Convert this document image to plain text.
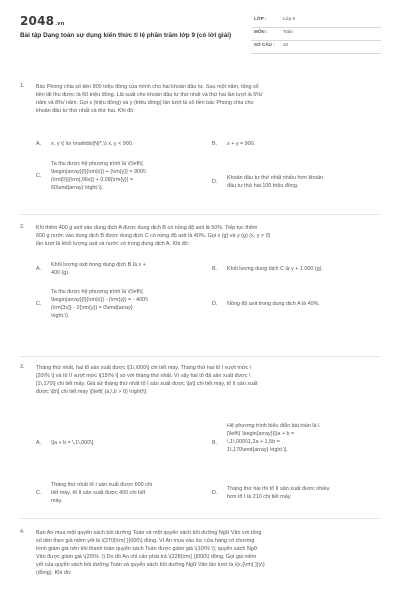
2048.vn
Bài tập Dạng toán sự dụng kiến thức tỉ lệ phần trăm lớp 9 (có lời giải)
LỚP :	Lớp 9
MÔN :	Toán
SỐ CÂU : 10
1. Bác Phong chia số tiền 900 triệu đồng của mình cho hai khoản đầu tư. Sau một năm, tổng số
tiền lãi thu được là 60 triệu đồng. Lãi suất cho khoản đầu tư thứ nhất và thứ hai lần lượt là 6%/
năm và 8%/ năm. Gọi x (triệu đồng) và y (triệu đồng) lần lượt là số tiền bác Phong chia cho
khoản đầu tư thứ nhất và thứ hai. Khi đó:
A. x, y \( \in \mathbb{N}*,\) x, y < 900.	B. x + y = 900.
C.
Ta thu được hệ phương trình là \(\left\{
\begin{array}{l}{\rm{x}} + {\rm{y}} = 900\\
{\rm{0}}{\rm{,06x}} + 0,08{\rm{y}} =
60\end{array} \right.\).
D.
Khoản đầu tư thứ nhất nhiều hơn khoản
đầu tư thứ hai 100 triệu đồng.
2. Khi thêm 400 g axit vào dung dịch A được dung dịch B có nồng độ axit là 50%. Tiếp tục thêm
600 g nước vào dung dịch B được dung dịch C có nồng độ axit là 40%. Gọi x (g) và y (g) (x, y > 0)
lần lượt là khối lượng axit và nước có trong dung dịch A. Khi đó:
A.
Khối lượng axit trong dung dịch B là x +
400 (g).
B. Khối lượng dung dịch C là y + 1 000 (g).
C.
Ta thu được hệ phương trình là \(\left\{
\begin{array}{l}{\rm{x}} - {\rm{y}} = - 400\\
{\rm{3x}} - 2{\rm{y}} = 0\end{array}
\right.\).
D. Nồng độ axit trong dung dịch A là 40%.
3. Tháng thứ nhất, hai tổ sản xuất được \[1\,\000\] chi tiết máy. Tháng thứ hai tổ I vượt mức \
[20\% \] và tổ II vượt mức \[15\% \] so với tháng thứ nhất. Vì vậy hai tổ đã sản xuất được \
[1\,170\] chi tiết máy. Giả sử tháng thứ nhất tổ I sản xuất được \[a\] chi tiết máy, tổ II sản xuất
được \[b\] chi tiết máy \[\left( {a,\,b > 0} \right)\]
A. \[a + b = \,1\,000\].	B.
Hệ phương trình biểu diễn bài toán là \
[\left\{ \begin{array}{l}a + b =
\,1\,000\\1,2a + 1,5b =
1\,170\end{array} \right.\].
C.
Tháng thứ nhất tổ I sản xuất được 600 chi
tiết máy, tổ II sản xuất được 400 chi tiết
máy.
D.
Tháng thứ hai thì tổ II sản xuất được nhiều
hơn tổ I là 210 chi tiết máy.
4. Bạn An mua một quyển sách bồi dưỡng Toán và một quyển sách bồi dưỡng Ngữ Văn với tổng
số tiền theo giá niêm yết là \(270{\rm{ }}000\) đồng. Vì An mua vào lúc cửa hàng có chương
trình giảm giá nên khi thanh toán quyển sách Toán được giảm giá \(10\% \); quyển sách Ngữ
Văn được giảm giá \(20\% .\) Do đó An chỉ cần phải trả \(228{\rm{ }}000\) đồng. Gọi giá niêm
yết của quyển sách bồi dưỡng Toán và quyển sách bồi dưỡng Ngữ Văn lần lượt là \(x,{\rm{ }}y\)
(đồng). Khi đó:
